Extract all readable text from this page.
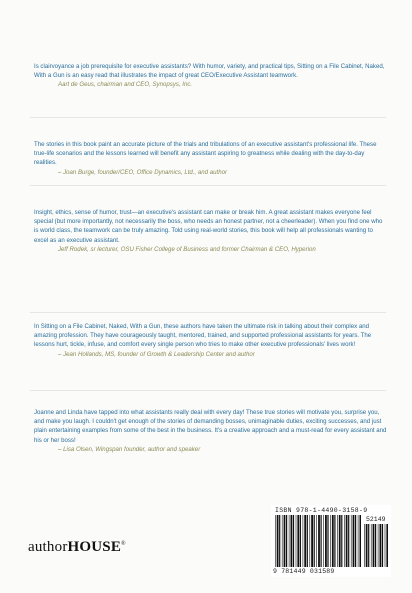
Is clairvoyance a job prerequisite for executive assistants? With humor, variety, and practical tips, Sitting on a File Cabinet, Naked, With a Gun is an easy read that illustrates the impact of great CEO/Executive Assistant teamwork.
Aart de Geus, chairman and CEO, Synopsys, Inc.
The stories in this book paint an accurate picture of the trials and tribulations of an executive assistant's professional life. These true-life scenarios and the lessons learned will benefit any assistant aspiring to greatness while dealing with the day-to-day realities.
– Joan Burge, founder/CEO, Office Dynamics, Ltd., and author
Insight, ethics, sense of humor, trust—an executive's assistant can make or break him. A great assistant makes everyone feel special (but more importantly, not necessarily the boss, who needs an honest partner, not a cheerleader). When you find one who is world class, the teamwork can be truly amazing. Told using real-world stories, this book will help all professionals wanting to excel as an executive assistant.
Jeff Rodek, sr lecturer, OSU Fisher College of Business and former Chairman & CEO, Hyperion
In Sitting on a File Cabinet, Naked, With a Gun, these authors have taken the ultimate risk in talking about their complex and amazing profession. They have courageously taught, mentored, trained, and supported professional assistants for years. The lessons hurt, tickle, infuse, and comfort every single person who tries to make other executive professionals' lives work!
– Jean Hollands, MS, founder of Growth & Leadership Center and author
Joanne and Linda have tapped into what assistants really deal with every day! These true stories will motivate you, surprise you, and make you laugh. I couldn't get enough of the stories of demanding bosses, unimaginable duties, exciting successes, and just plain entertaining examples from some of the best in the business. It's a creative approach and a must-read for every assistant and his or her boss!
– Lisa Olsen, Wingspan founder, author and speaker
authorHOUSE®
ISBN 978-1-4490-3158-9
52149
9 781449 031589
